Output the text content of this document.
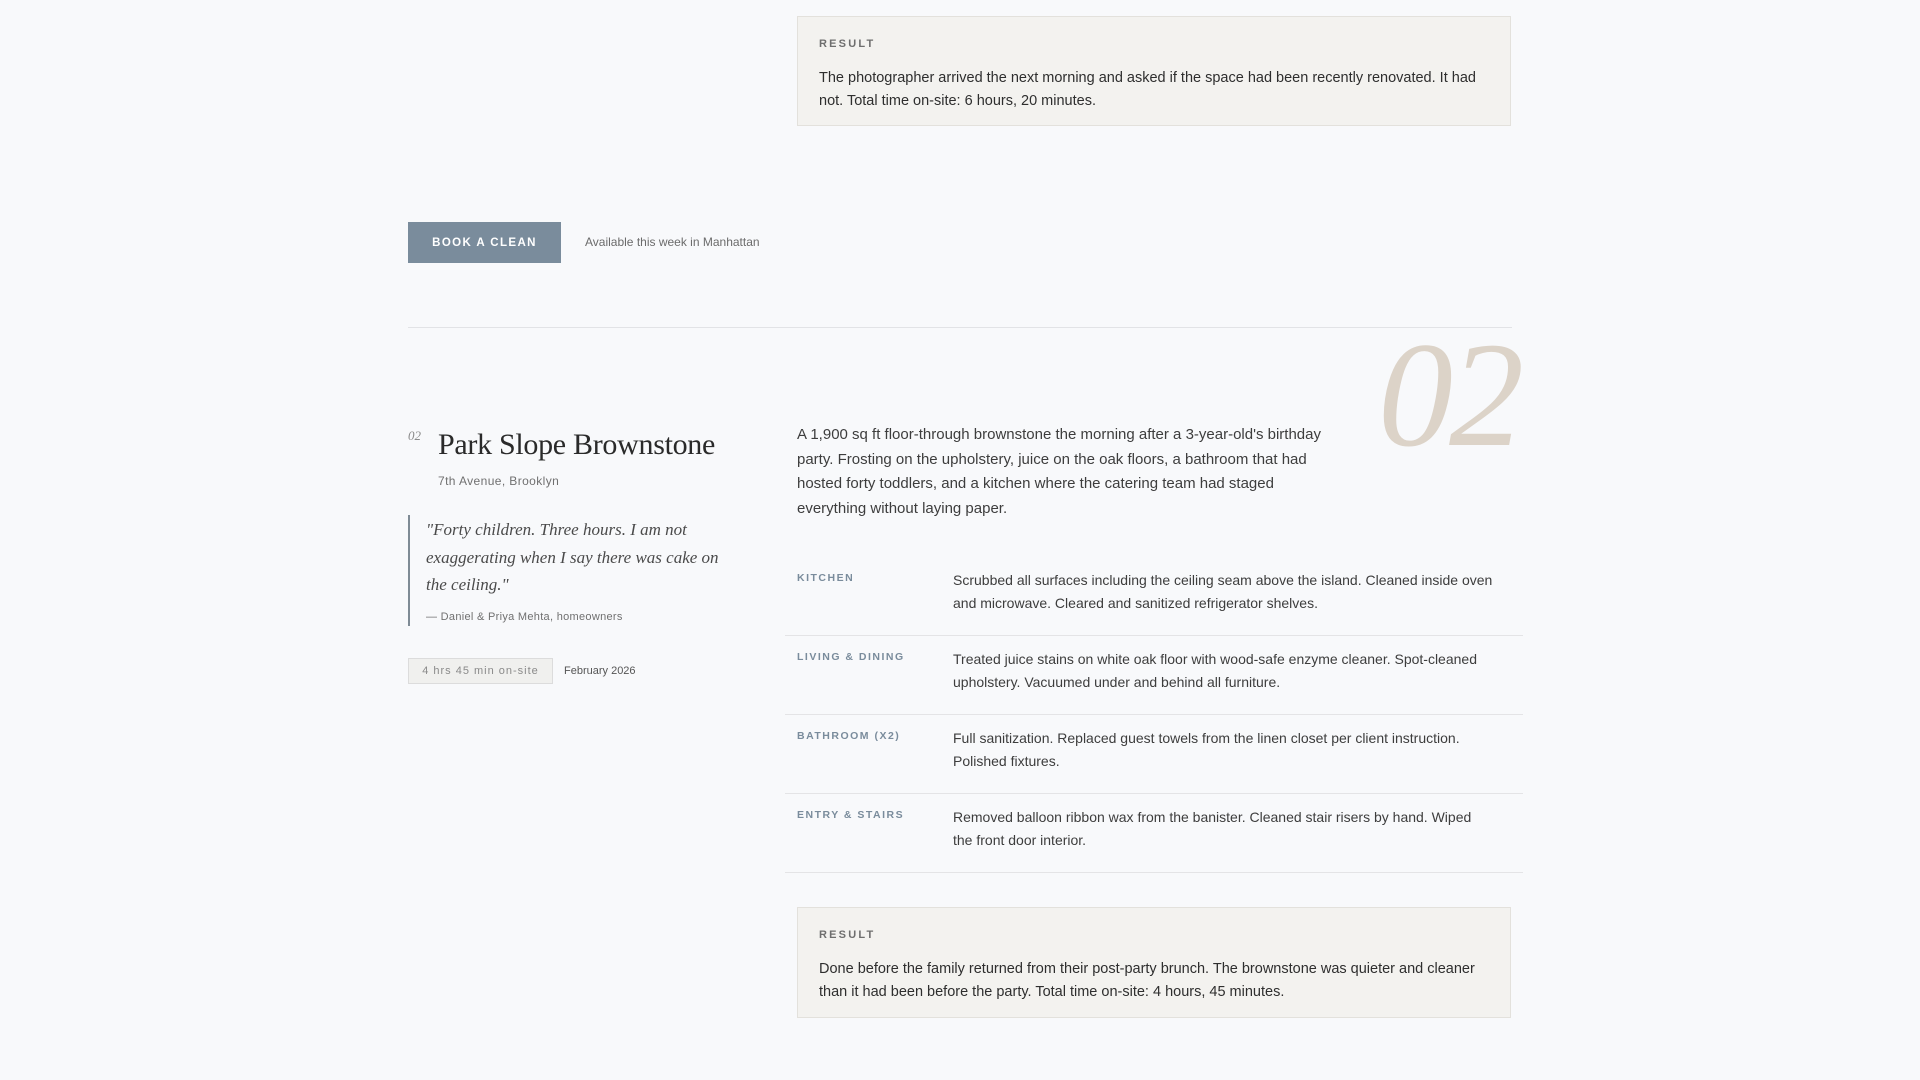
RESULT

The photographer arrived the next morning and asked if the space had been recently renovated. It had not. Total time on-site: 6 hours, 20 minutes.

BOOK A CLEAN	Available this week in Manhattan
02
02 Park Slope Brownstone
7th Avenue, Brooklyn

"Forty children. Three hours. I am not exaggerating when I say there was cake on the ceiling."

— Daniel & Priya Mehta, homeowners
4 hrs 45 min on-site	February 2026

A 1,900 sq ft floor-through brownstone the morning after a 3-year-old's birthday party. Frosting on the upholstery, juice on the oak floors, a bathroom that had hosted forty toddlers, and a kitchen where the catering team had staged everything without laying paper.

KITCHEN	Scrubbed all surfaces including the ceiling seam above the island. Cleaned inside oven and microwave. Cleared and sanitized refrigerator shelves.
LIVING & DINING	Treated juice stains on white oak floor with wood-safe enzyme cleaner. Spot-cleaned upholstery. Vacuumed under and behind all furniture.
BATHROOM (X2)	Full sanitization. Replaced guest towels from the linen closet per client instruction. Polished fixtures.
ENTRY & STAIRS	Removed balloon ribbon wax from the banister. Cleaned stair risers by hand. Wiped the front door interior.
RESULT

Done before the family returned from their post-party brunch. The brownstone was quieter and cleaner than it had been before the party. Total time on-site: 4 hours, 45 minutes.
